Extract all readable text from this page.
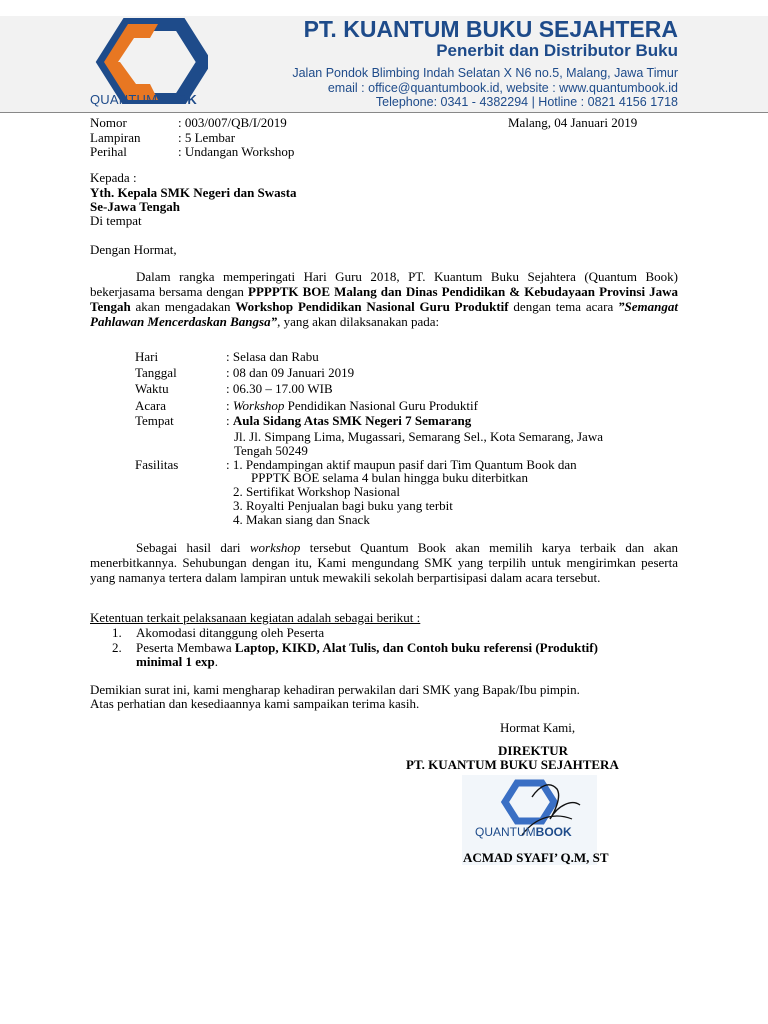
QUANTUMBOOK
PT. KUANTUM BUKU SEJAHTERA
Penerbit dan Distributor Buku
Jalan Pondok Blimbing Indah Selatan X N6 no.5, Malang, Jawa Timur
email : office@quantumbook.id, website : www.quantumbook.id
Telephone: 0341 - 4382294 | Hotline : 0821 4156 1718
Nomor	: 003/007/QB/I/2019	Malang, 04 Januari 2019
Lampiran	: 5 Lembar
Perihal	: Undangan Workshop
Kepada :
Yth. Kepala SMK Negeri dan Swasta
Se-Jawa Tengah
Di tempat
Dengan Hormat,
Dalam rangka memperingati Hari Guru 2018, PT. Kuantum Buku Sejahtera (Quantum Book) bekerjasama bersama dengan PPPPTK BOE Malang dan Dinas Pendidikan & Kebudayaan Provinsi Jawa Tengah akan mengadakan Workshop Pendidikan Nasional Guru Produktif dengan tema acara ”Semangat Pahlawan Mencerdaskan Bangsa”, yang akan dilaksanakan pada:
Hari	: Selasa dan Rabu
Tanggal	: 08 dan 09 Januari 2019
Waktu	: 06.30 – 17.00 WIB
Acara	: Workshop Pendidikan Nasional Guru Produktif
Tempat	: Aula Sidang Atas SMK Negeri 7 Semarang
Jl. Jl. Simpang Lima, Mugassari, Semarang Sel., Kota Semarang, Jawa
Tengah 50249
Fasilitas	: 1. Pendampingan aktif maupun pasif dari Tim Quantum Book dan
PPPTK BOE selama 4 bulan hingga buku diterbitkan
2. Sertifikat Workshop Nasional
3. Royalti Penjualan bagi buku yang terbit
4. Makan siang dan Snack
Sebagai hasil dari workshop tersebut Quantum Book akan memilih karya terbaik dan akan menerbitkannya. Sehubungan dengan itu, Kami mengundang SMK yang terpilih untuk mengirimkan peserta yang namanya tertera dalam lampiran untuk mewakili sekolah berpartisipasi dalam acara tersebut.
Ketentuan terkait pelaksanaan kegiatan adalah sebagai berikut :
1. Akomodasi ditanggung oleh Peserta
2. Peserta Membawa Laptop, KIKD, Alat Tulis, dan Contoh buku referensi (Produktif)
minimal 1 exp.
Demikian surat ini, kami mengharap kehadiran perwakilan dari SMK yang Bapak/Ibu pimpin.
Atas perhatian dan kesediaannya kami sampaikan terima kasih.
Hormat Kami,
DIREKTUR
PT. KUANTUM BUKU SEJAHTERA
QUANTUMBOOK
ACMAD SYAFI’ Q.M, ST
